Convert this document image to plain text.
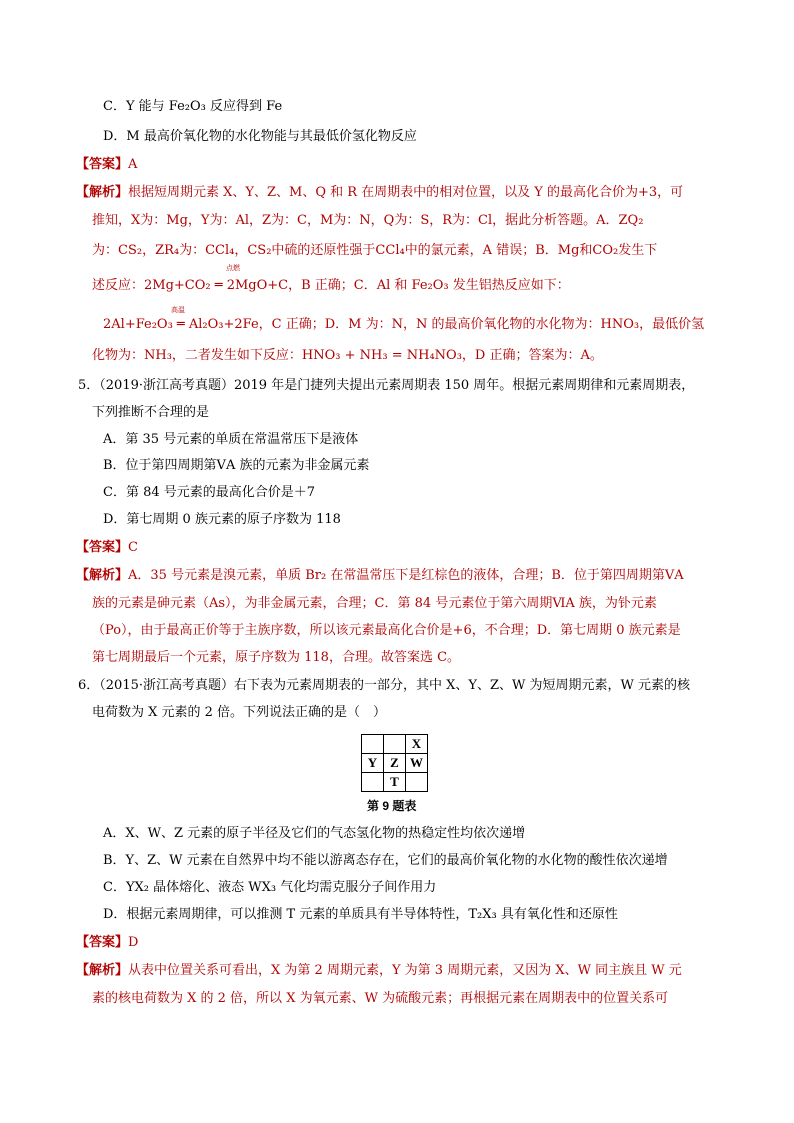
C．Y 能与 Fe₂O₃ 反应得到 Fe
D．M 最高价氧化物的水化物能与其最低价氢化物反应
【答案】A
【解析】根据短周期元素 X、Y、Z、M、Q 和 R 在周期表中的相对位置，以及 Y 的最高化合价为+3，可
推知，X为：Mg，Y为：Al，Z为：C，M为：N，Q为：S，R为：Cl，据此分析答题。A．ZQ₂
为：CS₂，ZR₄为：CCl₄，CS₂中硫的还原性强于CCl₄中的氯元素，A 错误；B．Mg和CO₂发生下
述反应：2Mg+CO₂ ═ 2MgO+C，B 正确；C．Al 和 Fe₂O₃ 发生铝热反应如下：
点燃
2Al+Fe₂O₃ ═ Al₂O₃+2Fe，C 正确；D．M 为：N，N 的最高价氧化物的水化物为：HNO₃，最低价氢
高温
化物为：NH₃，二者发生如下反应：HNO₃ + NH₃ = NH₄NO₃，D 正确；答案为：A。
5．（2019·浙江高考真题）2019 年是门捷列夫提出元素周期表 150 周年。根据元素周期律和元素周期表，
下列推断不合理的是
A．第 35 号元素的单质在常温常压下是液体
B．位于第四周期第ⅤA 族的元素为非金属元素
C．第 84 号元素的最高化合价是＋7
D．第七周期 0 族元素的原子序数为 118
【答案】C
【解析】A．35 号元素是溴元素，单质 Br₂ 在常温常压下是红棕色的液体，合理；B．位于第四周期第ⅤA
族的元素是砷元素（As），为非金属元素，合理；C．第 84 号元素位于第六周期ⅥA 族，为钋元素
（Po），由于最高正价等于主族序数，所以该元素最高化合价是+6，不合理；D．第七周期 0 族元素是
第七周期最后一个元素，原子序数为 118，合理。故答案选 C。
6．（2015·浙江高考真题）右下表为元素周期表的一部分，其中 X、Y、Z、W 为短周期元素，W 元素的核
电荷数为 X 元素的 2 倍。下列说法正确的是（　）
		X
Y	Z	W
	T	
第 9 题表
A．X、W、Z 元素的原子半径及它们的气态氢化物的热稳定性均依次递增
B．Y、Z、W 元素在自然界中均不能以游离态存在，它们的最高价氧化物的水化物的酸性依次递增
C．YX₂ 晶体熔化、液态 WX₃ 气化均需克服分子间作用力
D．根据元素周期律，可以推测 T 元素的单质具有半导体特性，T₂X₃ 具有氧化性和还原性
【答案】D
【解析】从表中位置关系可看出，X 为第 2 周期元素，Y 为第 3 周期元素，又因为 X、W 同主族且 W 元
素的核电荷数为 X 的 2 倍，所以 X 为氧元素、W 为硫酸元素；再根据元素在周期表中的位置关系可
